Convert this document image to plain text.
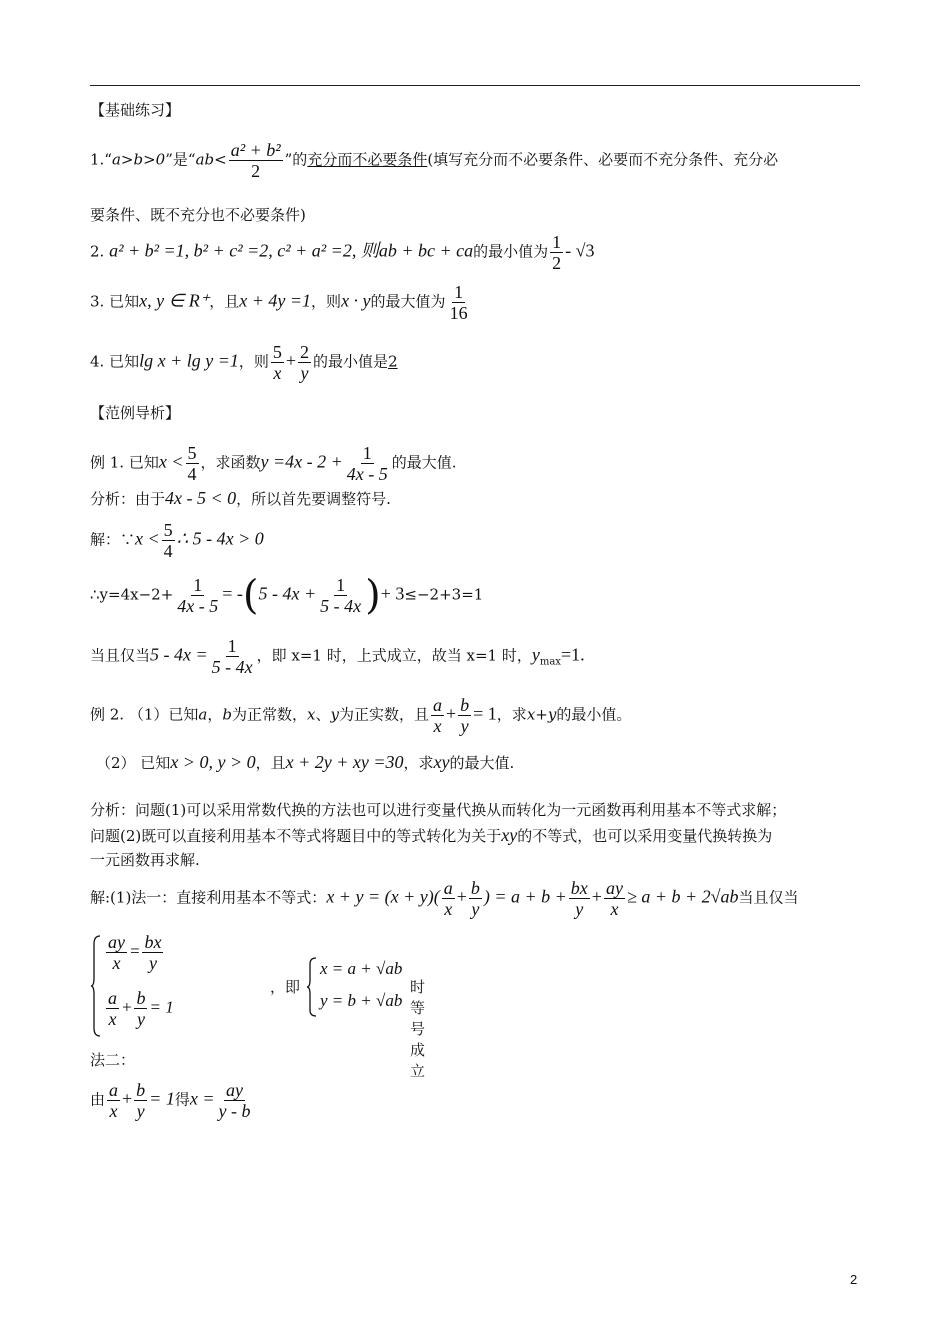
【基础练习】
1.“a>b>0”是“$ab< \frac{\text{a² + b²}}{2}$ ”的充分而不必要条件(填写充分而不必要条件、必要而不充分条件、充分必
要条件、既不充分也不必要条件)
2. a² + b² =1, b² + c² =2, c² + a² =2, 则ab + bc + ca的最小值为 $\frac{1}{2} - √3$
3. 已知x, y ∈ R⁺，且x + 4y =1，则x · y的最大值为 $\frac{1}{16}$
4. 已知lg x + lg y =1，则 $\frac{5}{x} + \frac{2}{y}$ 的最小值是2
【范例导析】
例 1. 已知$x < \frac{5}{4}$ ，求函数$y =4x - 2 + \frac{1}{4x - 5}$ 的最大值.
分析：由于4x - 5 < 0，所以首先要调整符号.
解：∵x < $\frac{5}{4}$ ∴ 5 - 4x > 0
∴y=4x−2+ $\frac{1}{4x - 5} = -(5 - 4x + \frac{1}{5 - 4x}$ )+ 3≤−2+3=1
当且仅当$5 - 4x = \frac{1}{5 - 4x}$ ，即 x=1 时，上式成立，故当 x=1 时，$y_{max}=1$.
例 2. （1）已知a，b为正常数，x、y为正实数，且 $\frac{a}{x} + \frac{b}{y} = 1$，求x+y的最小值。
（2） 已知x > 0, y > 0，且x + 2y + xy =30，求xy的最大值.
分析：问题(1)可以采用常数代换的方法也可以进行变量代换从而转化为一元函数再利用基本不等式求解；
问题(2)既可以直接利用基本不等式将题目中的等式转化为关于xy的不等式，也可以采用变量代换转换为
一元函数再求解.
解:(1)法一：直接利用基本不等式：$x + y = (x + y)( \frac{a}{x} + \frac{b}{y}$ ) = $a + b + \frac{bx}{y} + \frac{ay}{x} \ge a + b + 2√ab$当且仅当
$\frac{ay}{x} = \frac{bx}{y}$
$\frac{a}{x} + \frac{b}{y} = 1$
，即
x = a + √ab
y = b + √ab
时等号成立
法二：
由 $\frac{a}{x} + \frac{b}{y} = 1$得$x = \frac{ay}{y - b}$
2
